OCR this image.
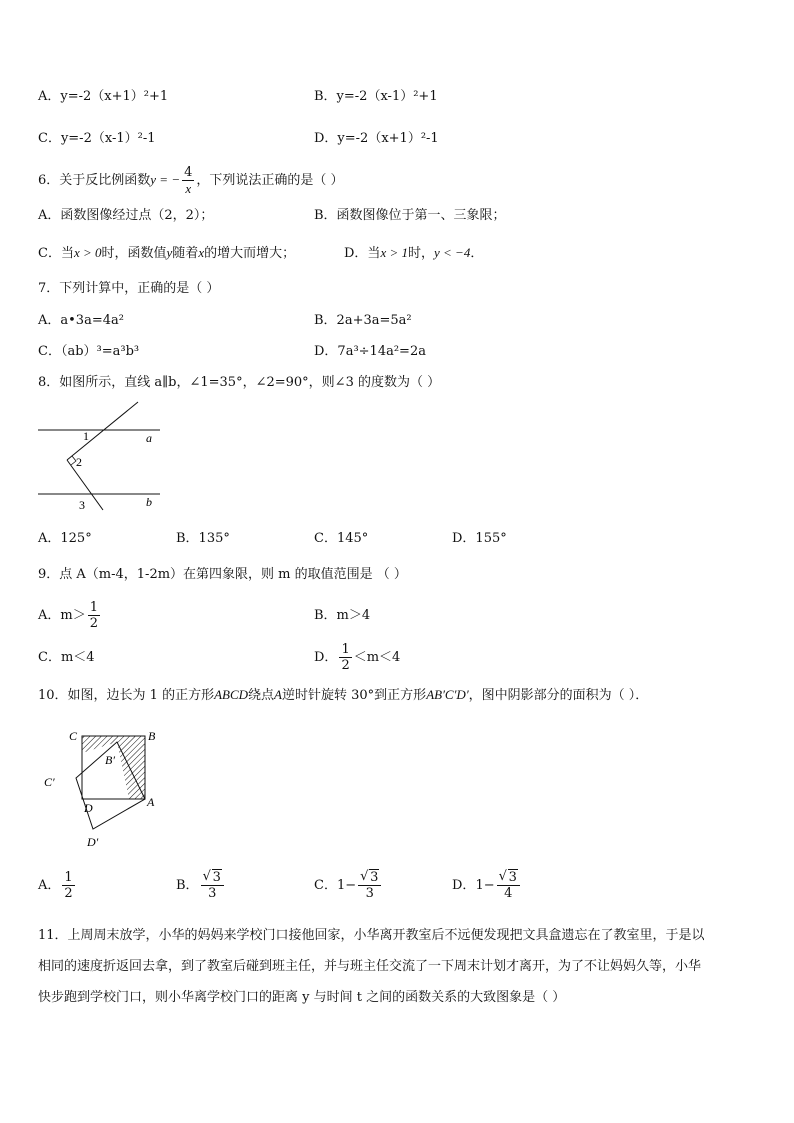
A．y=-2（x+1）²+1	B．y=-2（x-1）²+1
C．y=-2（x-1）²-1	D．y=-2（x+1）²-1
6．关于反比例函数y = − $\frac{4}{x}$ ，下列说法正确的是（ ）
A．函数图像经过点（2，2）；	B．函数图像位于第一、三象限；
C．当x > 0时，函数值y随着x的增大而增大；	D．当x > 1时，y < −4．
7．下列计算中，正确的是（ ）
A．a•3a=4a²	B．2a+3a=5a²
C．（ab）³=a³b³	D．7a³÷14a²=2a
8．如图所示，直线 a∥b，∠1=35°，∠2=90°，则∠3 的度数为（ ）
1
2
3
a
b
A．125°	B．135°	C．145°	D．155°
9．点 A（m-4，1-2m）在第四象限，则 m 的取值范围是 （ ）
A．$m> \frac{1}{2}$	B．m＞4
C．m＜4	D． $\frac{1}{2} <m<4$
10．如图，边长为 1 的正方形ABCD绕点A逆时针旋转 30°到正方形AB′C′D′，图中阴影部分的面积为（ ）．
C	B
B′
C′
D	A
D′
A． $\frac{1}{2}$	B． √ $\frac{3}{3}$	C．1− √ $\frac{3}{3}$	D．1− √ $\frac{3}{4}$
11．上周周末放学，小华的妈妈来学校门口接他回家，小华离开教室后不远便发现把文具盒遗忘在了教室里，于是以
相同的速度折返回去拿，到了教室后碰到班主任，并与班主任交流了一下周末计划才离开，为了不让妈妈久等，小华
快步跑到学校门口，则小华离学校门口的距离 y 与时间 t 之间的函数关系的大致图象是（ ）
